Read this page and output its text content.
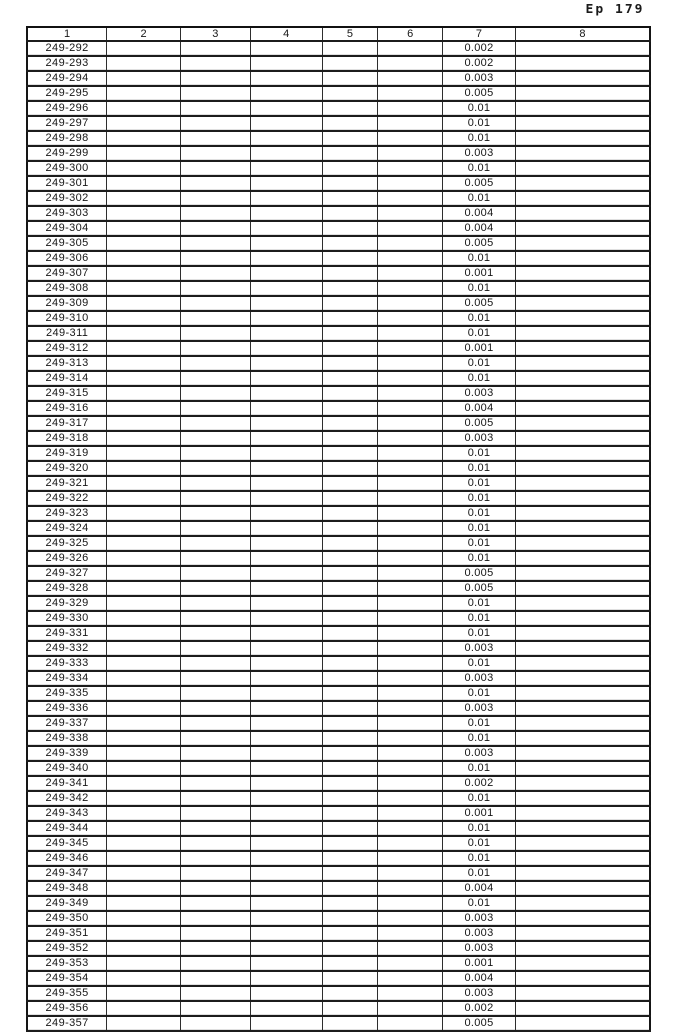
Ep 179
1	2	3	4	5	6	7	8
249-292						0.002	
249-293						0.002	
249-294						0.003	
249-295						0.005	
249-296						0.01	
249-297						0.01	
249-298						0.01	
249-299						0.003	
249-300						0.01	
249-301						0.005	
249-302						0.01	
249-303						0.004	
249-304						0.004	
249-305						0.005	
249-306						0.01	
249-307						0.001	
249-308						0.01	
249-309						0.005	
249-310						0.01	
249-311						0.01	
249-312						0.001	
249-313						0.01	
249-314						0.01	
249-315						0.003	
249-316						0.004	
249-317						0.005	
249-318						0.003	
249-319						0.01	
249-320						0.01	
249-321						0.01	
249-322						0.01	
249-323						0.01	
249-324						0.01	
249-325						0.01	
249-326						0.01	
249-327						0.005	
249-328						0.005	
249-329						0.01	
249-330						0.01	
249-331						0.01	
249-332						0.003	
249-333						0.01	
249-334						0.003	
249-335						0.01	
249-336						0.003	
249-337						0.01	
249-338						0.01	
249-339						0.003	
249-340						0.01	
249-341						0.002	
249-342						0.01	
249-343						0.001	
249-344						0.01	
249-345						0.01	
249-346						0.01	
249-347						0.01	
249-348						0.004	
249-349						0.01	
249-350						0.003	
249-351						0.003	
249-352						0.003	
249-353						0.001	
249-354						0.004	
249-355						0.003	
249-356						0.002	
249-357						0.005	
